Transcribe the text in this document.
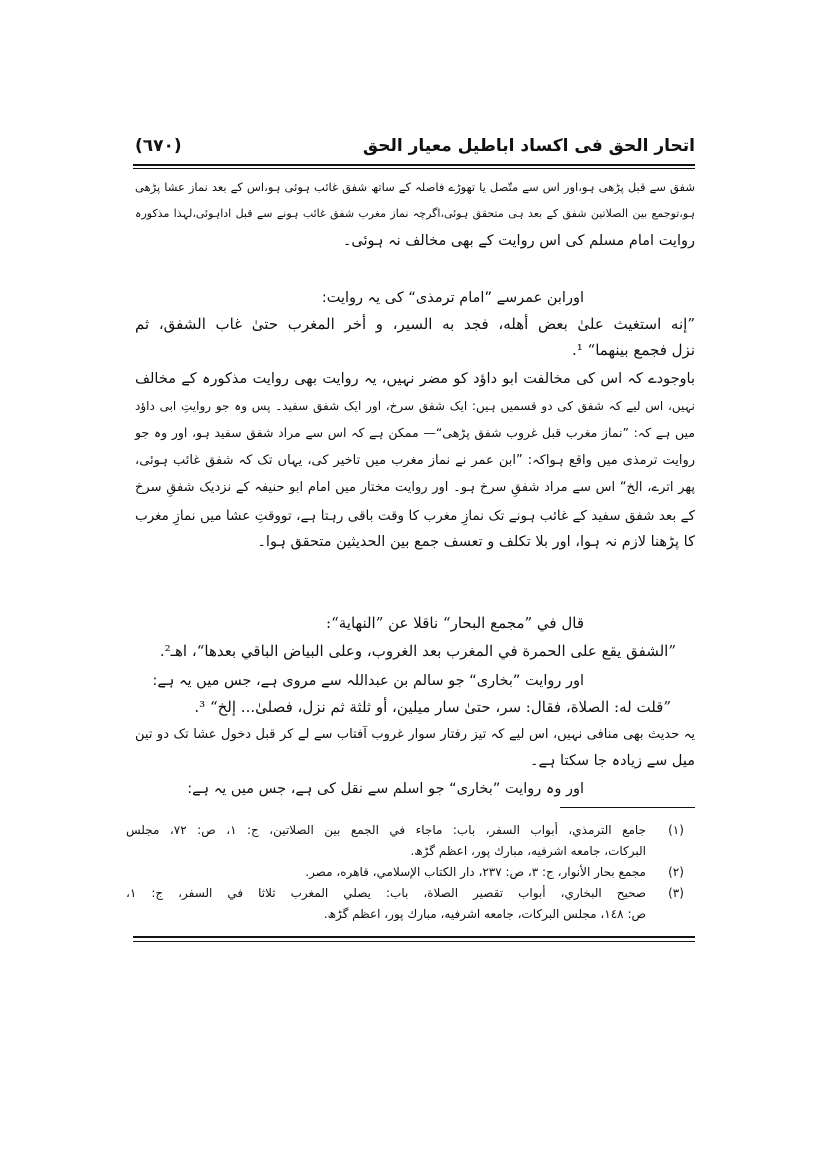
اتحار الحق فی اكساد اباطیل معیار الحق
(٦٧٠)
شفق سے قبل پڑھی ہو،اور اس سے متّصل یا تھوڑے فاصلہ کے ساتھ شفق غائب ہوئی ہو،اس کے بعد نماز عشا پڑھی
ہو،توجمع بین الصلاتین شفق کے بعد ہی متحقق ہوئی،اگرچہ نماز مغرب شفق غائب ہونے سے قبل اداہوئی،لہذا مذکورہ
روایت امام مسلم کی اس روایت کے بھی مخالف نہ ہوئی۔
اورابن عمرسے ”امام ترمذی“ کی یہ روایت:
”إنه استغيث علىٰ بعض أهله، فجد به السير، و أخر المغرب حتىٰ غاب الشفق، ثم
نزل فجمع بينهما“ ¹.
باوجودے کہ اس کی مخالفت ابو داؤد کو مضر نہیں، یہ روایت بھی روایت مذکورہ کے مخالف
نہیں، اس لیے کہ شفق کی دو قسمیں ہیں: ایک شفق سرخ، اور ایک شفق سفید۔ پس وہ جو روایتِ ابی داؤد
میں ہے کہ: ”نماز مغرب قبل غروب شفق پڑھی“— ممکن ہے کہ اس سے مراد شفق سفید ہو، اور وہ جو
روایت ترمذی میں واقع ہواکہ: ”ابن عمر نے نماز مغرب میں تاخیر کی، یہاں تک کہ شفق غائب ہوئی،
پھر اترے، الخ“ اس سے مراد شفقِ سرخ ہو۔ اور روایت مختار میں امام ابو حنیفہ کے نزدیک شفقِ سرخ
کے بعد شفق سفید کے غائب ہونے تک نمازِ مغرب کا وقت باقی رہتا ہے، تووقتِ عشا میں نمازِ مغرب
کا پڑھنا لازم نہ ہوا، اور بلا تکلف و تعسف جمع بین الحدیثین متحقق ہوا۔
قال في ”مجمع البحار“ ناقلا عن ”النهاية“:
”الشفق يقع على الحمرة في المغرب بعد الغروب، وعلى البياض الباقي بعدها“، اهـ².
اور روایت ”بخاری“ جو سالم بن عبداللہ سے مروی ہے، جس میں یہ ہے:
”قلت له: الصلاة، فقال: سر، حتىٰ سار ميلين، أو ثلثة ثم نزل، فصلىٰ... إلخ“ ³.
یہ حدیث بھی منافی نہیں، اس لیے کہ تیز رفتار سوار غروب آفتاب سے لے کر قبل دخول عشا تک دو تین
میل سے زیادہ جا سکتا ہے۔
اور وہ روایت ”بخاری“ جو اسلم سے نقل کی ہے، جس میں یہ ہے:
(١)
جامع الترمذي، أبواب السفر، باب: ماجاء في الجمع بين الصلاتين، ج: ١، ص: ٧٢، مجلس
البركات، جامعه اشرفيه، مبارك پور، اعظم گڑھ.
(٢)
مجمع بحار الأنوار، ج: ٣، ص: ٢٣٧، دار الكتاب الإسلامي، قاهره، مصر.
(٣)
صحيح البخاري، أبواب تقصير الصلاة، باب: يصلي المغرب ثلاثا في السفر، ج: ١،
ص: ١٤٨، مجلس البركات، جامعه اشرفيه، مبارك پور، اعظم گڑھ.
